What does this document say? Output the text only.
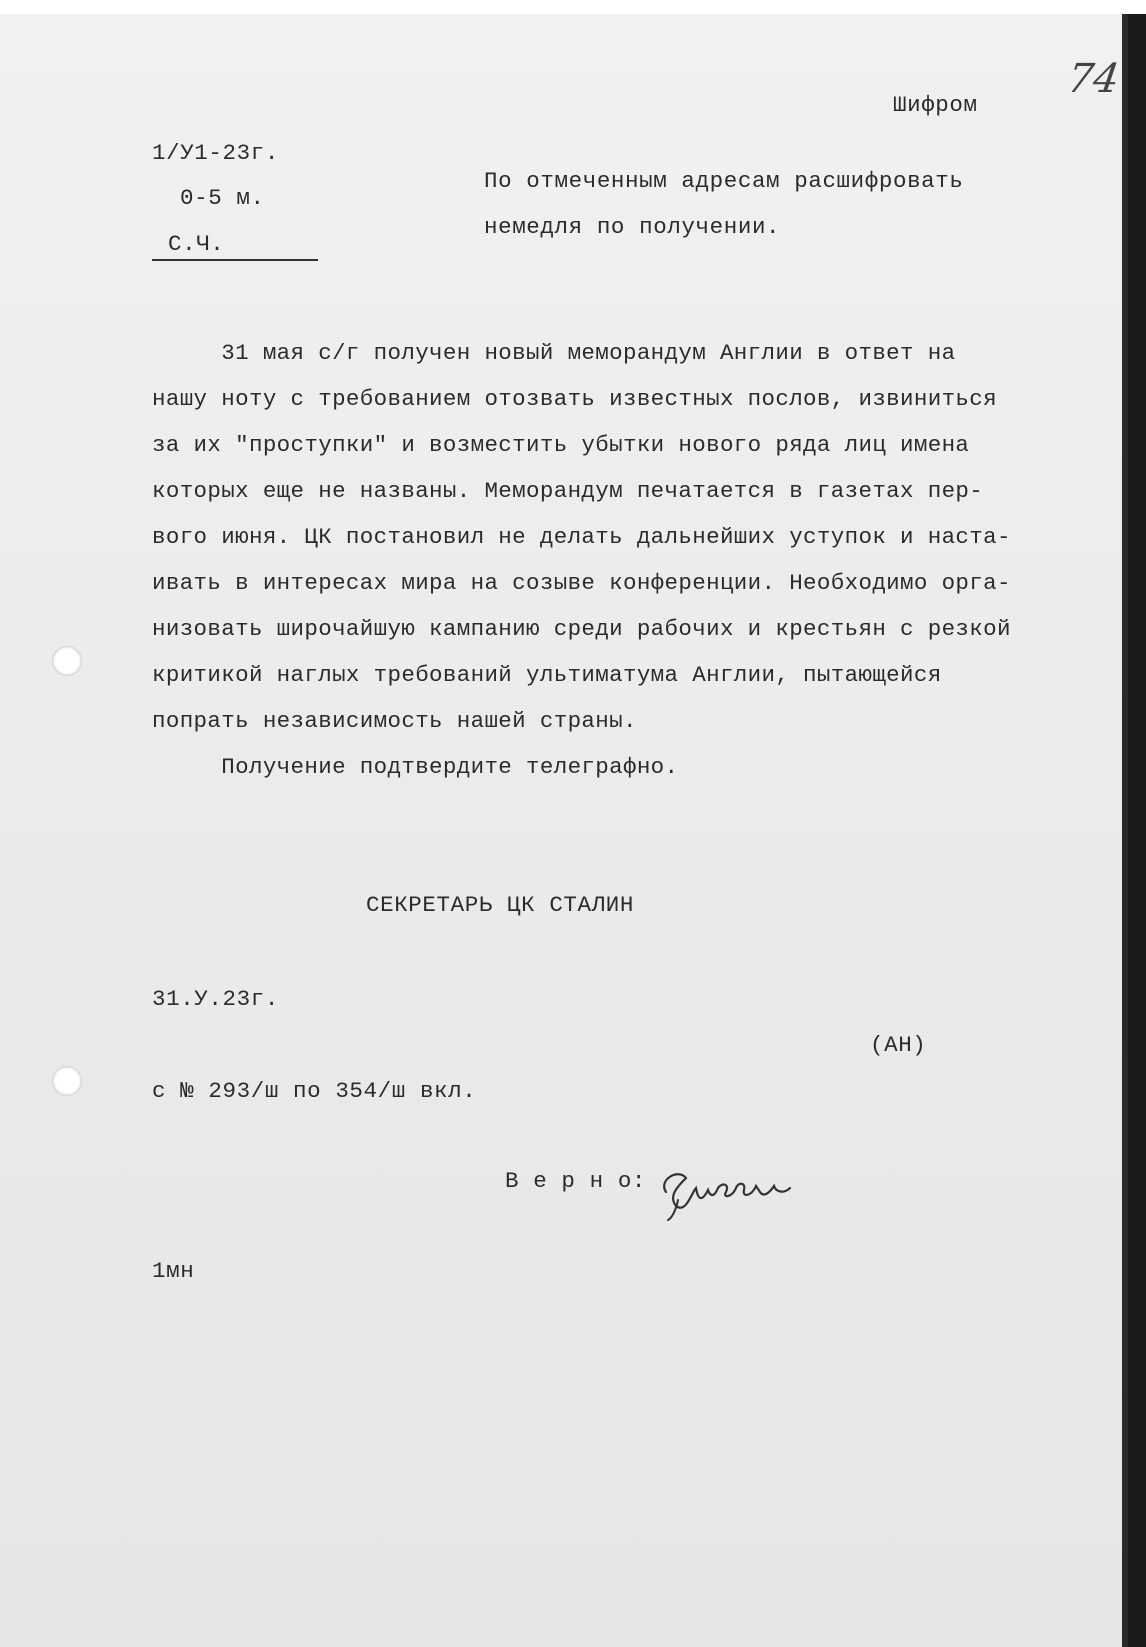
74
Шифром
1/У1-23г.
0-5 м.
С.Ч.
По отмеченным адресам расшифровать
немедля по получении.
31 мая с/г получен новый меморандум Англии в ответ на
нашу ноту с требованием отозвать известных послов, извиниться
за их "проступки" и возместить убытки нового ряда лиц имена
которых еще не названы. Меморандум печатается в газетах пер-
вого июня. ЦК постановил не делать дальнейших уступок и наста-
ивать в интересах мира на созыве конференции. Необходимо орга-
низовать широчайшую кампанию среди рабочих и крестьян с резкой
критикой наглых требований ультиматума Англии, пытающейся
попрать независимость нашей страны.
Получение подтвердите телеграфно.
СЕКРЕТАРЬ ЦК СТАЛИН
31.У.23г.
(АН)
с № 293/ш по 354/ш вкл.
В е р н о:
1мн
